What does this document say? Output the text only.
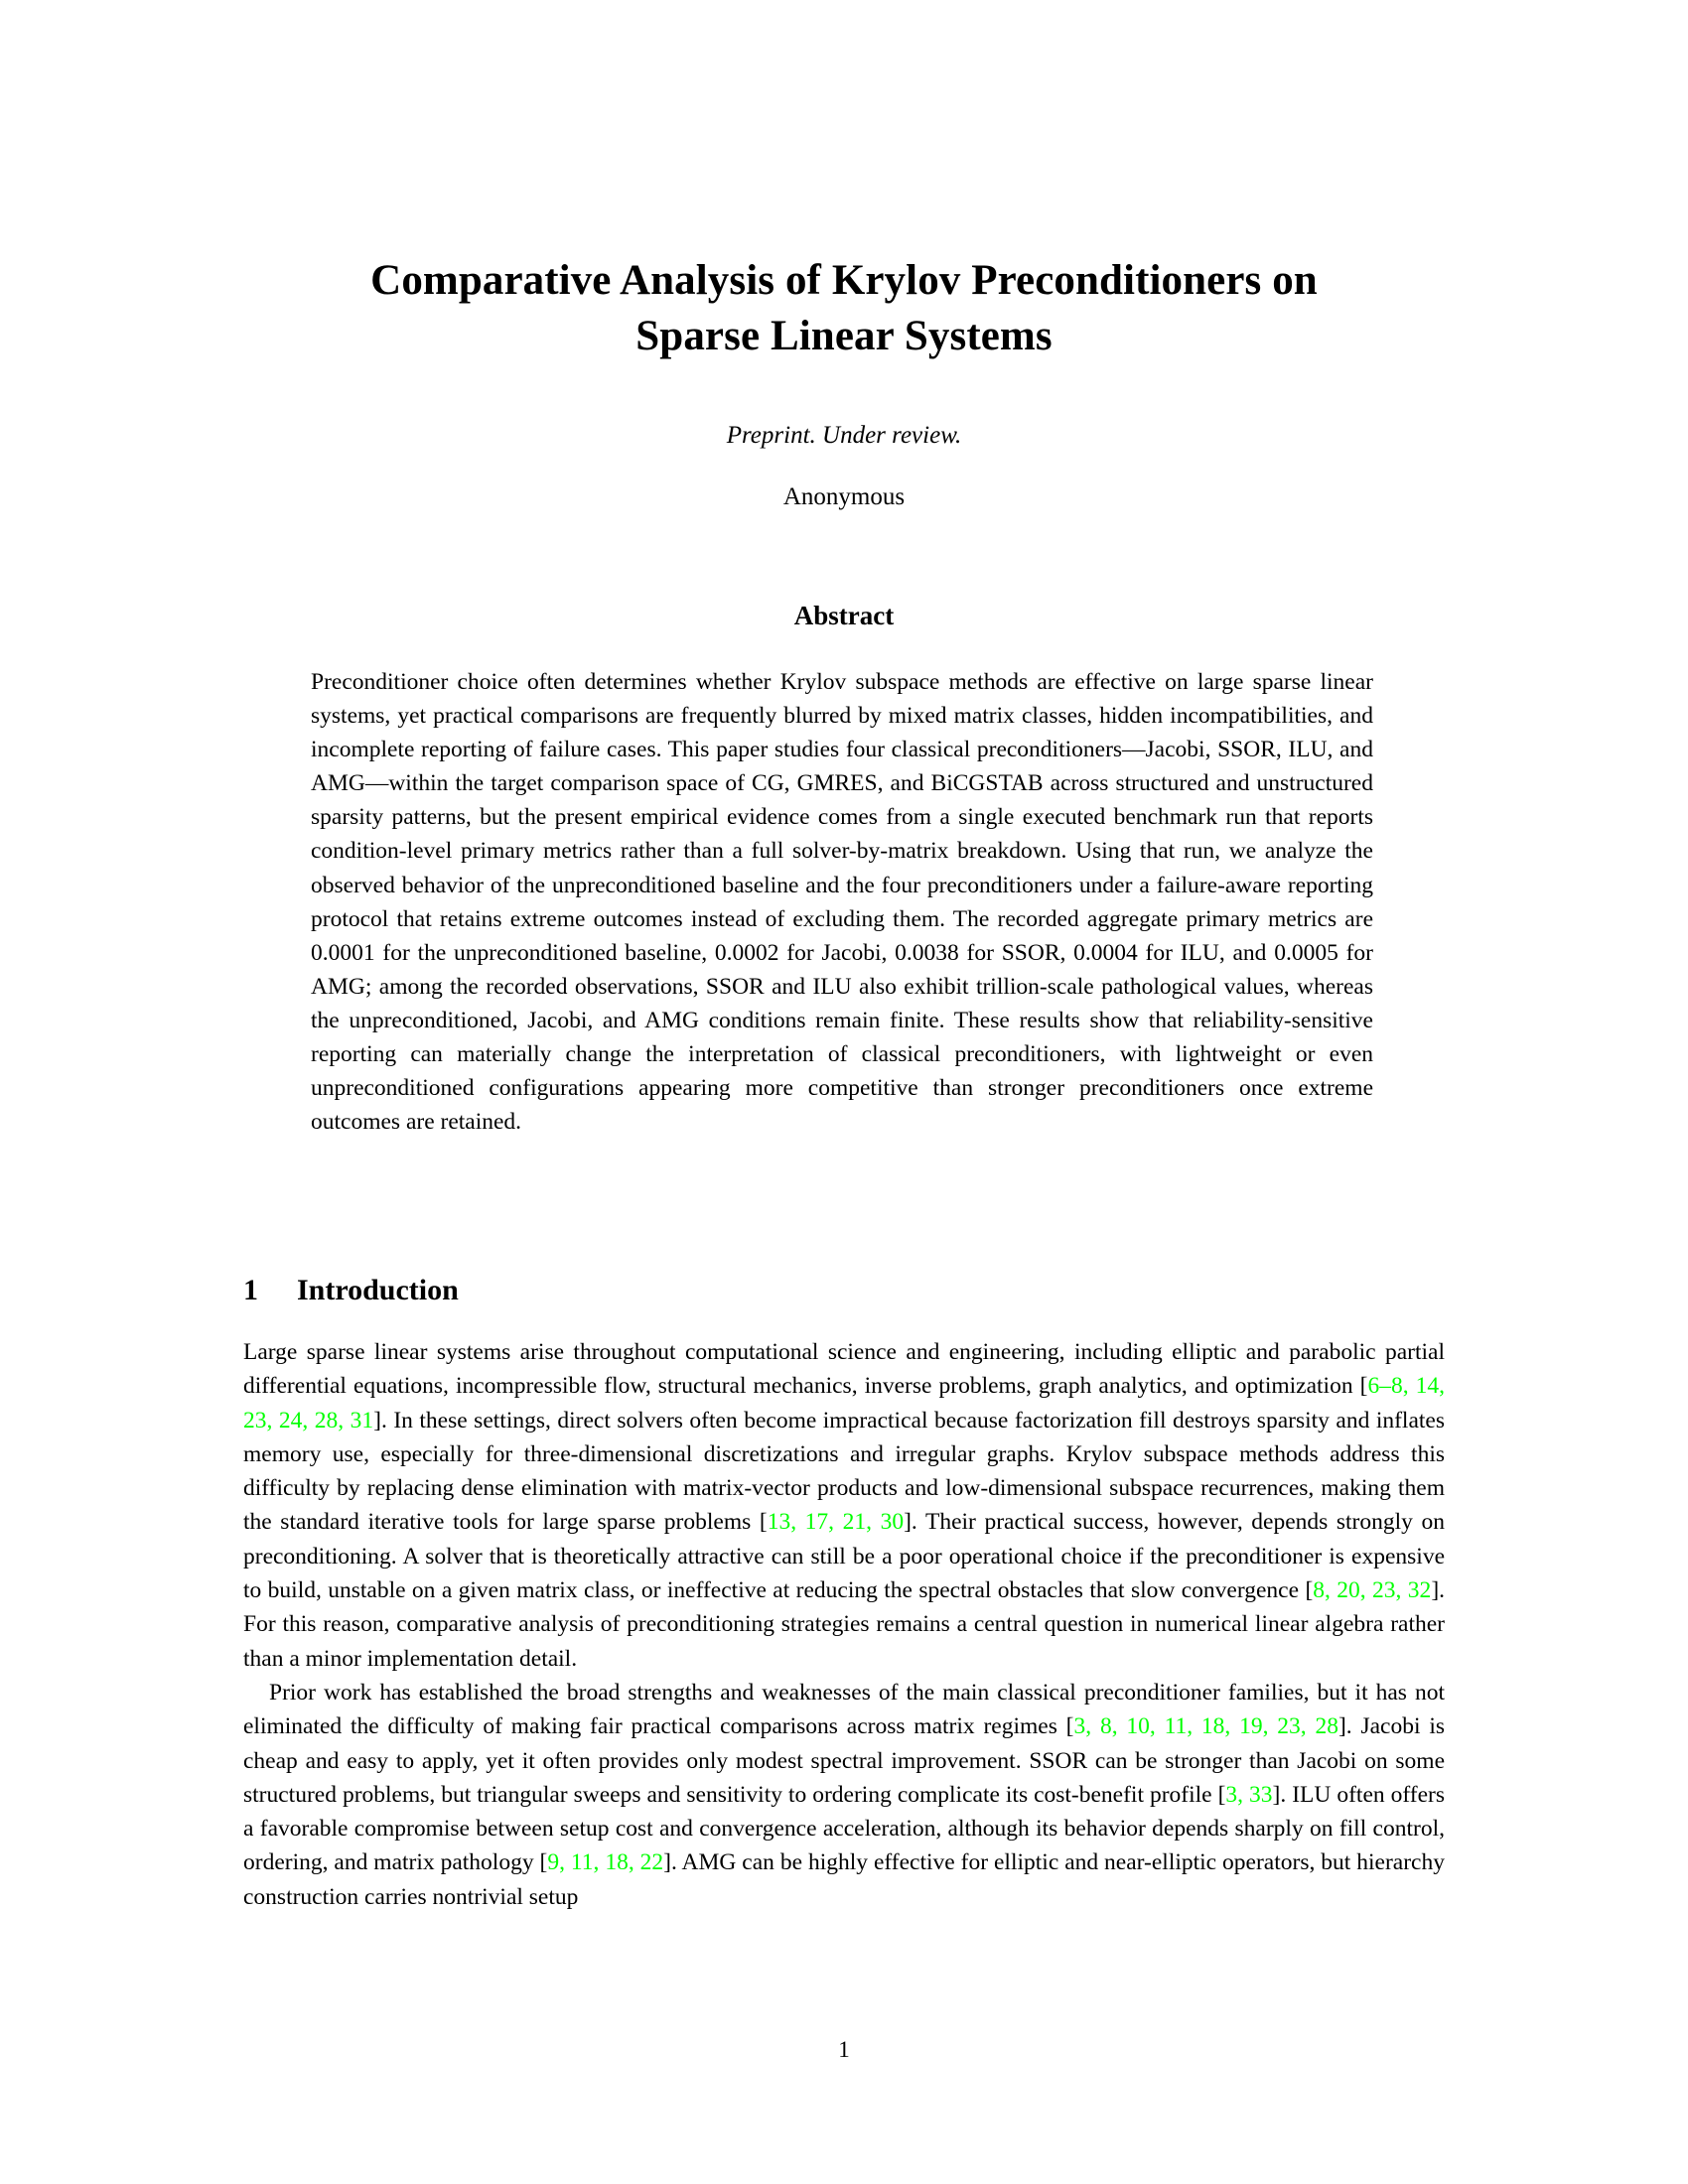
Comparative Analysis of Krylov Preconditioners on
Sparse Linear Systems
Preprint. Under review.
Anonymous
Abstract
Preconditioner choice often determines whether Krylov subspace methods are effective on large sparse linear systems, yet practical comparisons are frequently blurred by mixed matrix classes, hidden incompatibilities, and incomplete reporting of failure cases. This paper studies four classical preconditioners—Jacobi, SSOR, ILU, and AMG—within the target comparison space of CG, GMRES, and BiCGSTAB across structured and unstructured sparsity patterns, but the present empirical evidence comes from a single executed benchmark run that reports condition-level primary metrics rather than a full solver-by-matrix breakdown. Using that run, we analyze the observed behavior of the unpreconditioned baseline and the four preconditioners under a failure-aware reporting protocol that retains extreme outcomes instead of excluding them. The recorded aggregate primary metrics are 0.0001 for the unpreconditioned baseline, 0.0002 for Jacobi, 0.0038 for SSOR, 0.0004 for ILU, and 0.0005 for AMG; among the recorded observations, SSOR and ILU also exhibit trillion-scale pathological values, whereas the unpreconditioned, Jacobi, and AMG conditions remain finite. These results show that reliability-sensitive reporting can materially change the interpretation of classical preconditioners, with lightweight or even unpreconditioned configurations appearing more competitive than stronger preconditioners once extreme outcomes are retained.
1 Introduction

Large sparse linear systems arise throughout computational science and engineering, including elliptic and parabolic partial differential equations, incompressible flow, structural mechanics, inverse problems, graph analytics, and optimization [6–8, 14, 23, 24, 28, 31]. In these settings, direct solvers often become impractical because factorization fill destroys sparsity and inflates memory use, especially for three-dimensional discretizations and irregular graphs. Krylov subspace methods address this difficulty by replacing dense elimination with matrix-vector products and low-dimensional subspace recurrences, making them the standard iterative tools for large sparse problems [13, 17, 21, 30]. Their practical success, however, depends strongly on preconditioning. A solver that is theoretically attractive can still be a poor operational choice if the preconditioner is expensive to build, unstable on a given matrix class, or ineffective at reducing the spectral obstacles that slow convergence [8, 20, 23, 32]. For this reason, comparative analysis of preconditioning strategies remains a central question in numerical linear algebra rather than a minor implementation detail.

Prior work has established the broad strengths and weaknesses of the main classical preconditioner families, but it has not eliminated the difficulty of making fair practical comparisons across matrix regimes [3, 8, 10, 11, 18, 19, 23, 28]. Jacobi is cheap and easy to apply, yet it often provides only modest spectral improvement. SSOR can be stronger than Jacobi on some structured problems, but triangular sweeps and sensitivity to ordering complicate its cost-benefit profile [3, 33]. ILU often offers a favorable compromise between setup cost and convergence acceleration, although its behavior depends sharply on fill control, ordering, and matrix pathology [9, 11, 18, 22]. AMG can be highly effective for elliptic and near-elliptic operators, but hierarchy construction carries nontrivial setup

1
